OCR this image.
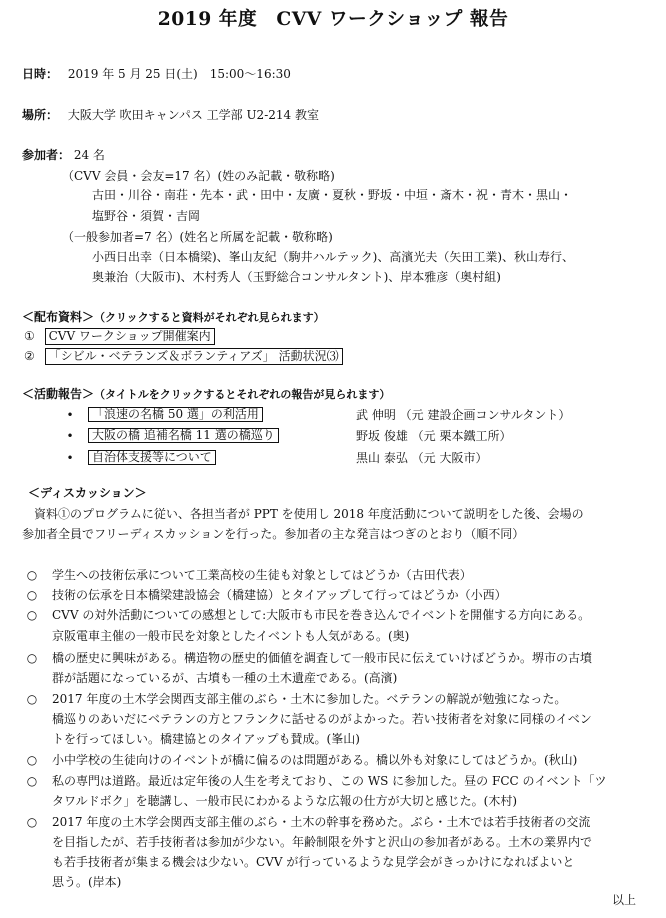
2019 年度　CVV ワークショップ 報告
日時： 2019 年 5 月 25 日(土)　15:00～16:30
場所： 大阪大学 吹田キャンパス 工学部 U2-214 教室
参加者： 24 名
（CVV 会員・会友=17 名）(姓のみ記載・敬称略)
古田・川谷・南荘・先本・武・田中・友廣・夏秋・野坂・中垣・斎木・祝・青木・黒山・
塩野谷・須賀・吉岡
（一般参加者=7 名）(姓名と所属を記載・敬称略)
小西日出幸（日本橋梁)、峯山友紀（駒井ハルテック)、高濱光夫（矢田工業)、秋山寿行、
奥兼治（大阪市)、木村秀人（玉野総合コンサルタント)、岸本雅彦（奥村組)
＜配布資料＞（クリックすると資料がそれぞれ見られます）
① CVV ワークショップ開催案内
② 「シビル・ベテランズ＆ボランティアズ」 活動状況⑶
＜活動報告＞（タイトルをクリックするとそれぞれの報告が見られます）
•	「浪速の名橋 50 選」の利活用	武 伸明 （元 建設企画コンサルタント）
•	大阪の橋 追補名橋 11 選の橋巡り	野坂 俊雄 （元 栗本鐵工所）
•	自治体支援等について	黒山 泰弘 （元 大阪市）
＜ディスカッション＞
資料①のプログラムに従い、各担当者が PPT を使用し 2018 年度活動について説明をした後、会場の
参加者全員でフリーディスカッションを行った。参加者の主な発言はつぎのとおり（順不同）
○ 学生への技術伝承について工業高校の生徒も対象としてはどうか（古田代表）
○ 技術の伝承を日本橋梁建設協会（橋建協）とタイアップして行ってはどうか（小西）
○ CVV の対外活動についての感想として:大阪市も市民を巻き込んでイベントを開催する方向にある。
京阪電車主催の一般市民を対象としたイベントも人気がある。(奥)
○ 橋の歴史に興味がある。構造物の歴史的価値を調査して一般市民に伝えていけばどうか。堺市の古墳
群が話題になっているが、古墳も一種の土木遺産である。(高濱)
○ 2017 年度の土木学会関西支部主催のぶら・土木に参加した。ベテランの解説が勉強になった。
橋巡りのあいだにベテランの方とフランクに話せるのがよかった。若い技術者を対象に同様のイベン
トを行ってほしい。橋建協とのタイアップも賛成。(峯山)
○ 小中学校の生徒向けのイベントが橋に偏るのは問題がある。橋以外も対象にしてはどうか。(秋山)
○ 私の専門は道路。最近は定年後の人生を考えており、この WS に参加した。昼の FCC のイベント「ツ
タワルドボク」を聴講し、一般市民にわかるような広報の仕方が大切と感じた。(木村)
○ 2017 年度の土木学会関西支部主催のぶら・土木の幹事を務めた。ぶら・土木では若手技術者の交流
を目指したが、若手技術者は参加が少ない。年齢制限を外すと沢山の参加者がある。土木の業界内で
も若手技術者が集まる機会は少ない。CVV が行っているような見学会がきっかけになればよいと
思う。(岸本)
以上
